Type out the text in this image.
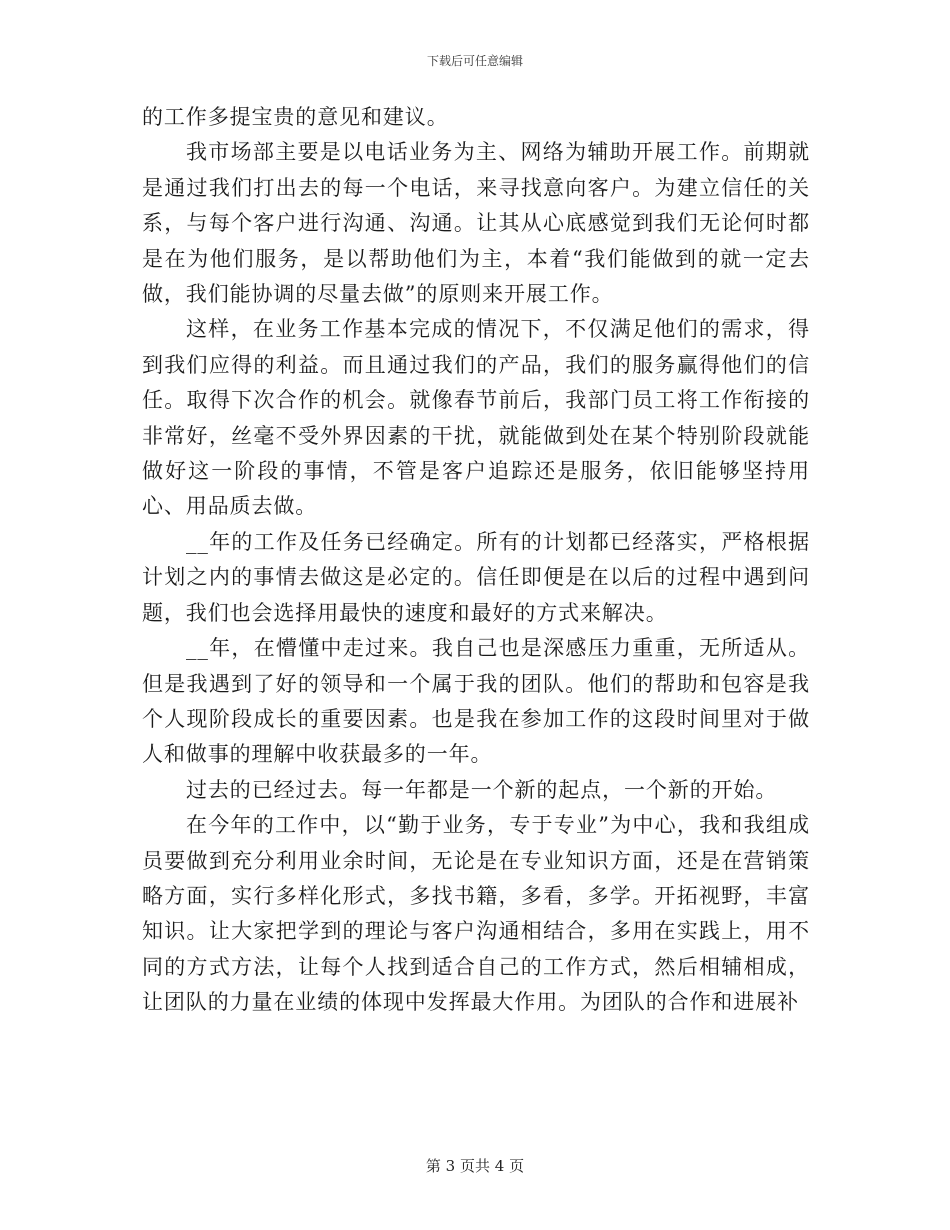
下载后可任意编辑

的工作多提宝贵的意见和建议。

我市场部主要是以电话业务为主、网络为辅助开展工作。前期就是通过我们打出去的每一个电话，来寻找意向客户。为建立信任的关系，与每个客户进行沟通、沟通。让其从心底感觉到我们无论何时都是在为他们服务，是以帮助他们为主，本着“我们能做到的就一定去做，我们能协调的尽量去做”的原则来开展工作。

这样，在业务工作基本完成的情况下，不仅满足他们的需求，得到我们应得的利益。而且通过我们的产品，我们的服务赢得他们的信任。取得下次合作的机会。就像春节前后，我部门员工将工作衔接的非常好，丝毫不受外界因素的干扰，就能做到处在某个特别阶段就能做好这一阶段的事情，不管是客户追踪还是服务，依旧能够坚持用心、用品质去做。

__年的工作及任务已经确定。所有的计划都已经落实，严格根据计划之内的事情去做这是必定的。信任即便是在以后的过程中遇到问题，我们也会选择用最快的速度和最好的方式来解决。

__年，在懵懂中走过来。我自己也是深感压力重重，无所适从。但是我遇到了好的领导和一个属于我的团队。他们的帮助和包容是我个人现阶段成长的重要因素。也是我在参加工作的这段时间里对于做人和做事的理解中收获最多的一年。

过去的已经过去。每一年都是一个新的起点，一个新的开始。

在今年的工作中，以“勤于业务，专于专业”为中心，我和我组成员要做到充分利用业余时间，无论是在专业知识方面，还是在营销策略方面，实行多样化形式，多找书籍，多看，多学。开拓视野，丰富知识。让大家把学到的理论与客户沟通相结合，多用在实践上，用不同的方式方法，让每个人找到适合自己的工作方式，然后相辅相成，让团队的力量在业绩的体现中发挥最大作用。为团队的合作和进展补

第 3 页共 4 页
